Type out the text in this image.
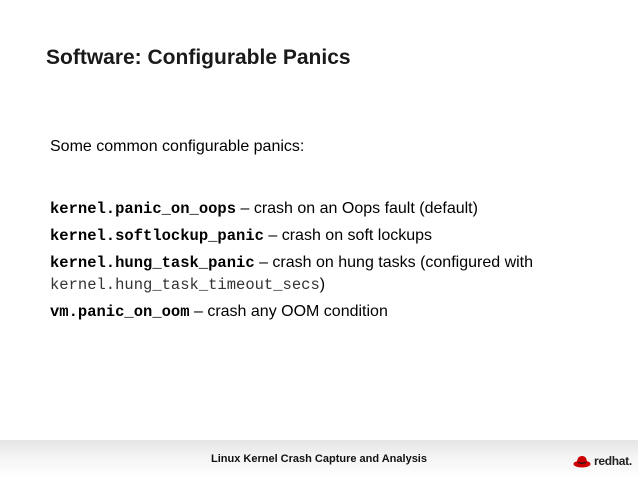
Software: Configurable Panics
Some common configurable panics:
kernel.panic_on_oops – crash on an Oops fault (default)
kernel.softlockup_panic – crash on soft lockups
kernel.hung_task_panic – crash on hung tasks (configured with
kernel.hung_task_timeout_secs)
vm.panic_on_oom – crash any OOM condition
Linux Kernel Crash Capture and Analysis	redhat.
